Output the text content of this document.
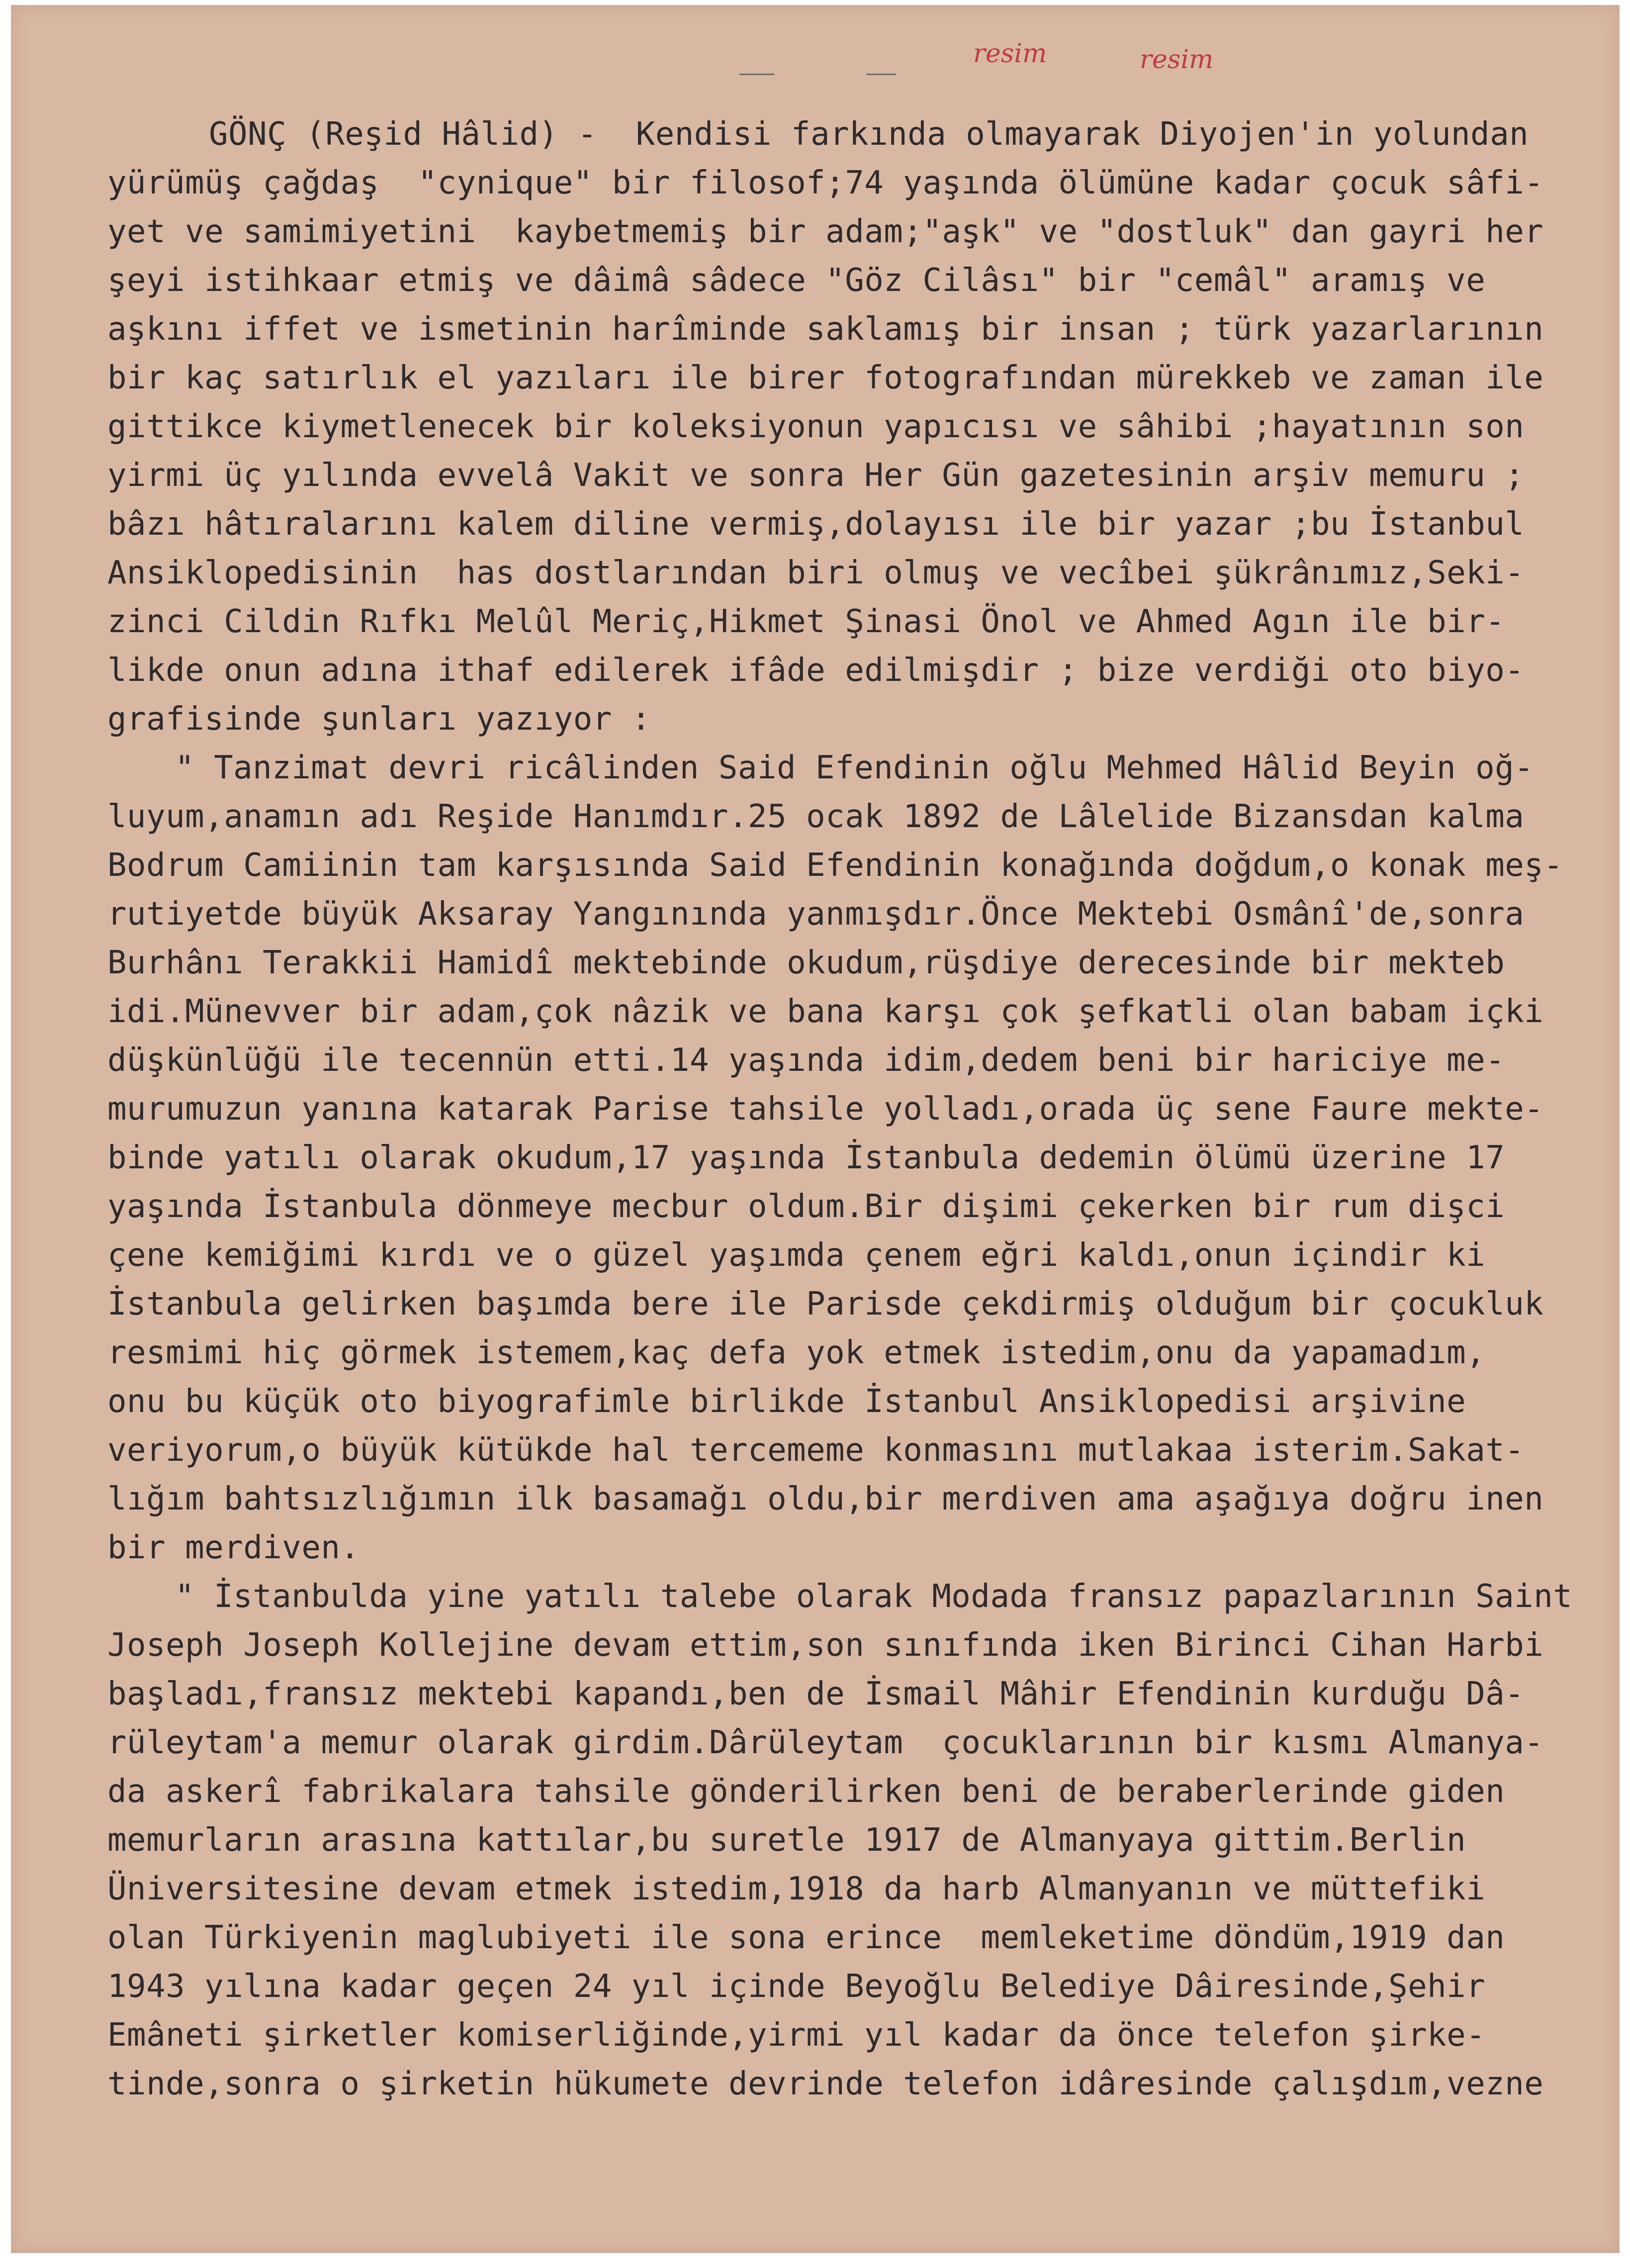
resim	resim
GÖNÇ (Reşid Hâlid) -  Kendisi farkında olmayarak Diyojen'in yolundan
yürümüş çağdaş  "cynique" bir filosof;74 yaşında ölümüne kadar çocuk sâfi-
yet ve samimiyetini  kaybetmemiş bir adam;"aşk" ve "dostluk" dan gayri her
şeyi istihkaar etmiş ve dâimâ sâdece "Göz Cilâsı" bir "cemâl" aramış ve
aşkını iffet ve ismetinin harîminde saklamış bir insan ; türk yazarlarının
bir kaç satırlık el yazıları ile birer fotografından mürekkeb ve zaman ile
gittikce kiymetlenecek bir koleksiyonun yapıcısı ve sâhibi ;hayatının son
yirmi üç yılında evvelâ Vakit ve sonra Her Gün gazetesinin arşiv memuru ;
bâzı hâtıralarını kalem diline vermiş,dolayısı ile bir yazar ;bu İstanbul
Ansiklopedisinin  has dostlarından biri olmuş ve vecîbei şükrânımız,Seki-
zinci Cildin Rıfkı Melûl Meriç,Hikmet Şinasi Önol ve Ahmed Agın ile bir-
likde onun adına ithaf edilerek ifâde edilmişdir ; bize verdiği oto biyo-
grafisinde şunları yazıyor :
" Tanzimat devri ricâlinden Said Efendinin oğlu Mehmed Hâlid Beyin oğ-
luyum,anamın adı Reşide Hanımdır.25 ocak 1892 de Lâlelide Bizansdan kalma
Bodrum Camiinin tam karşısında Said Efendinin konağında doğdum,o konak meş-
rutiyetde büyük Aksaray Yangınında yanmışdır.Önce Mektebi Osmânî'de,sonra
Burhânı Terakkii Hamidî mektebinde okudum,rüşdiye derecesinde bir mekteb
idi.Münevver bir adam,çok nâzik ve bana karşı çok şefkatli olan babam içki
düşkünlüğü ile tecennün etti.14 yaşında idim,dedem beni bir hariciye me-
murumuzun yanına katarak Parise tahsile yolladı,orada üç sene Faure mekte-
binde yatılı olarak okudum,17 yaşında İstanbula dedemin ölümü üzerine 17
yaşında İstanbula dönmeye mecbur oldum.Bir dişimi çekerken bir rum dişci
çene kemiğimi kırdı ve o güzel yaşımda çenem eğri kaldı,onun içindir ki
İstanbula gelirken başımda bere ile Parisde çekdirmiş olduğum bir çocukluk
resmimi hiç görmek istemem,kaç defa yok etmek istedim,onu da yapamadım,
onu bu küçük oto biyografimle birlikde İstanbul Ansiklopedisi arşivine
veriyorum,o büyük kütükde hal tercememe konmasını mutlakaa isterim.Sakat-
lığım bahtsızlığımın ilk basamağı oldu,bir merdiven ama aşağıya doğru inen
bir merdiven.
" İstanbulda yine yatılı talebe olarak Modada fransız papazlarının Saint
Joseph Joseph Kollejine devam ettim,son sınıfında iken Birinci Cihan Harbi
başladı,fransız mektebi kapandı,ben de İsmail Mâhir Efendinin kurduğu Dâ-
rüleytam'a memur olarak girdim.Dârüleytam  çocuklarının bir kısmı Almanya-
da askerî fabrikalara tahsile gönderilirken beni de beraberlerinde giden
memurların arasına kattılar,bu suretle 1917 de Almanyaya gittim.Berlin
Üniversitesine devam etmek istedim,1918 da harb Almanyanın ve müttefiki
olan Türkiyenin maglubiyeti ile sona erince  memleketime döndüm,1919 dan
1943 yılına kadar geçen 24 yıl içinde Beyoğlu Belediye Dâiresinde,Şehir
Emâneti şirketler komiserliğinde,yirmi yıl kadar da önce telefon şirke-
tinde,sonra o şirketin hükumete devrinde telefon idâresinde çalışdım,vezne
